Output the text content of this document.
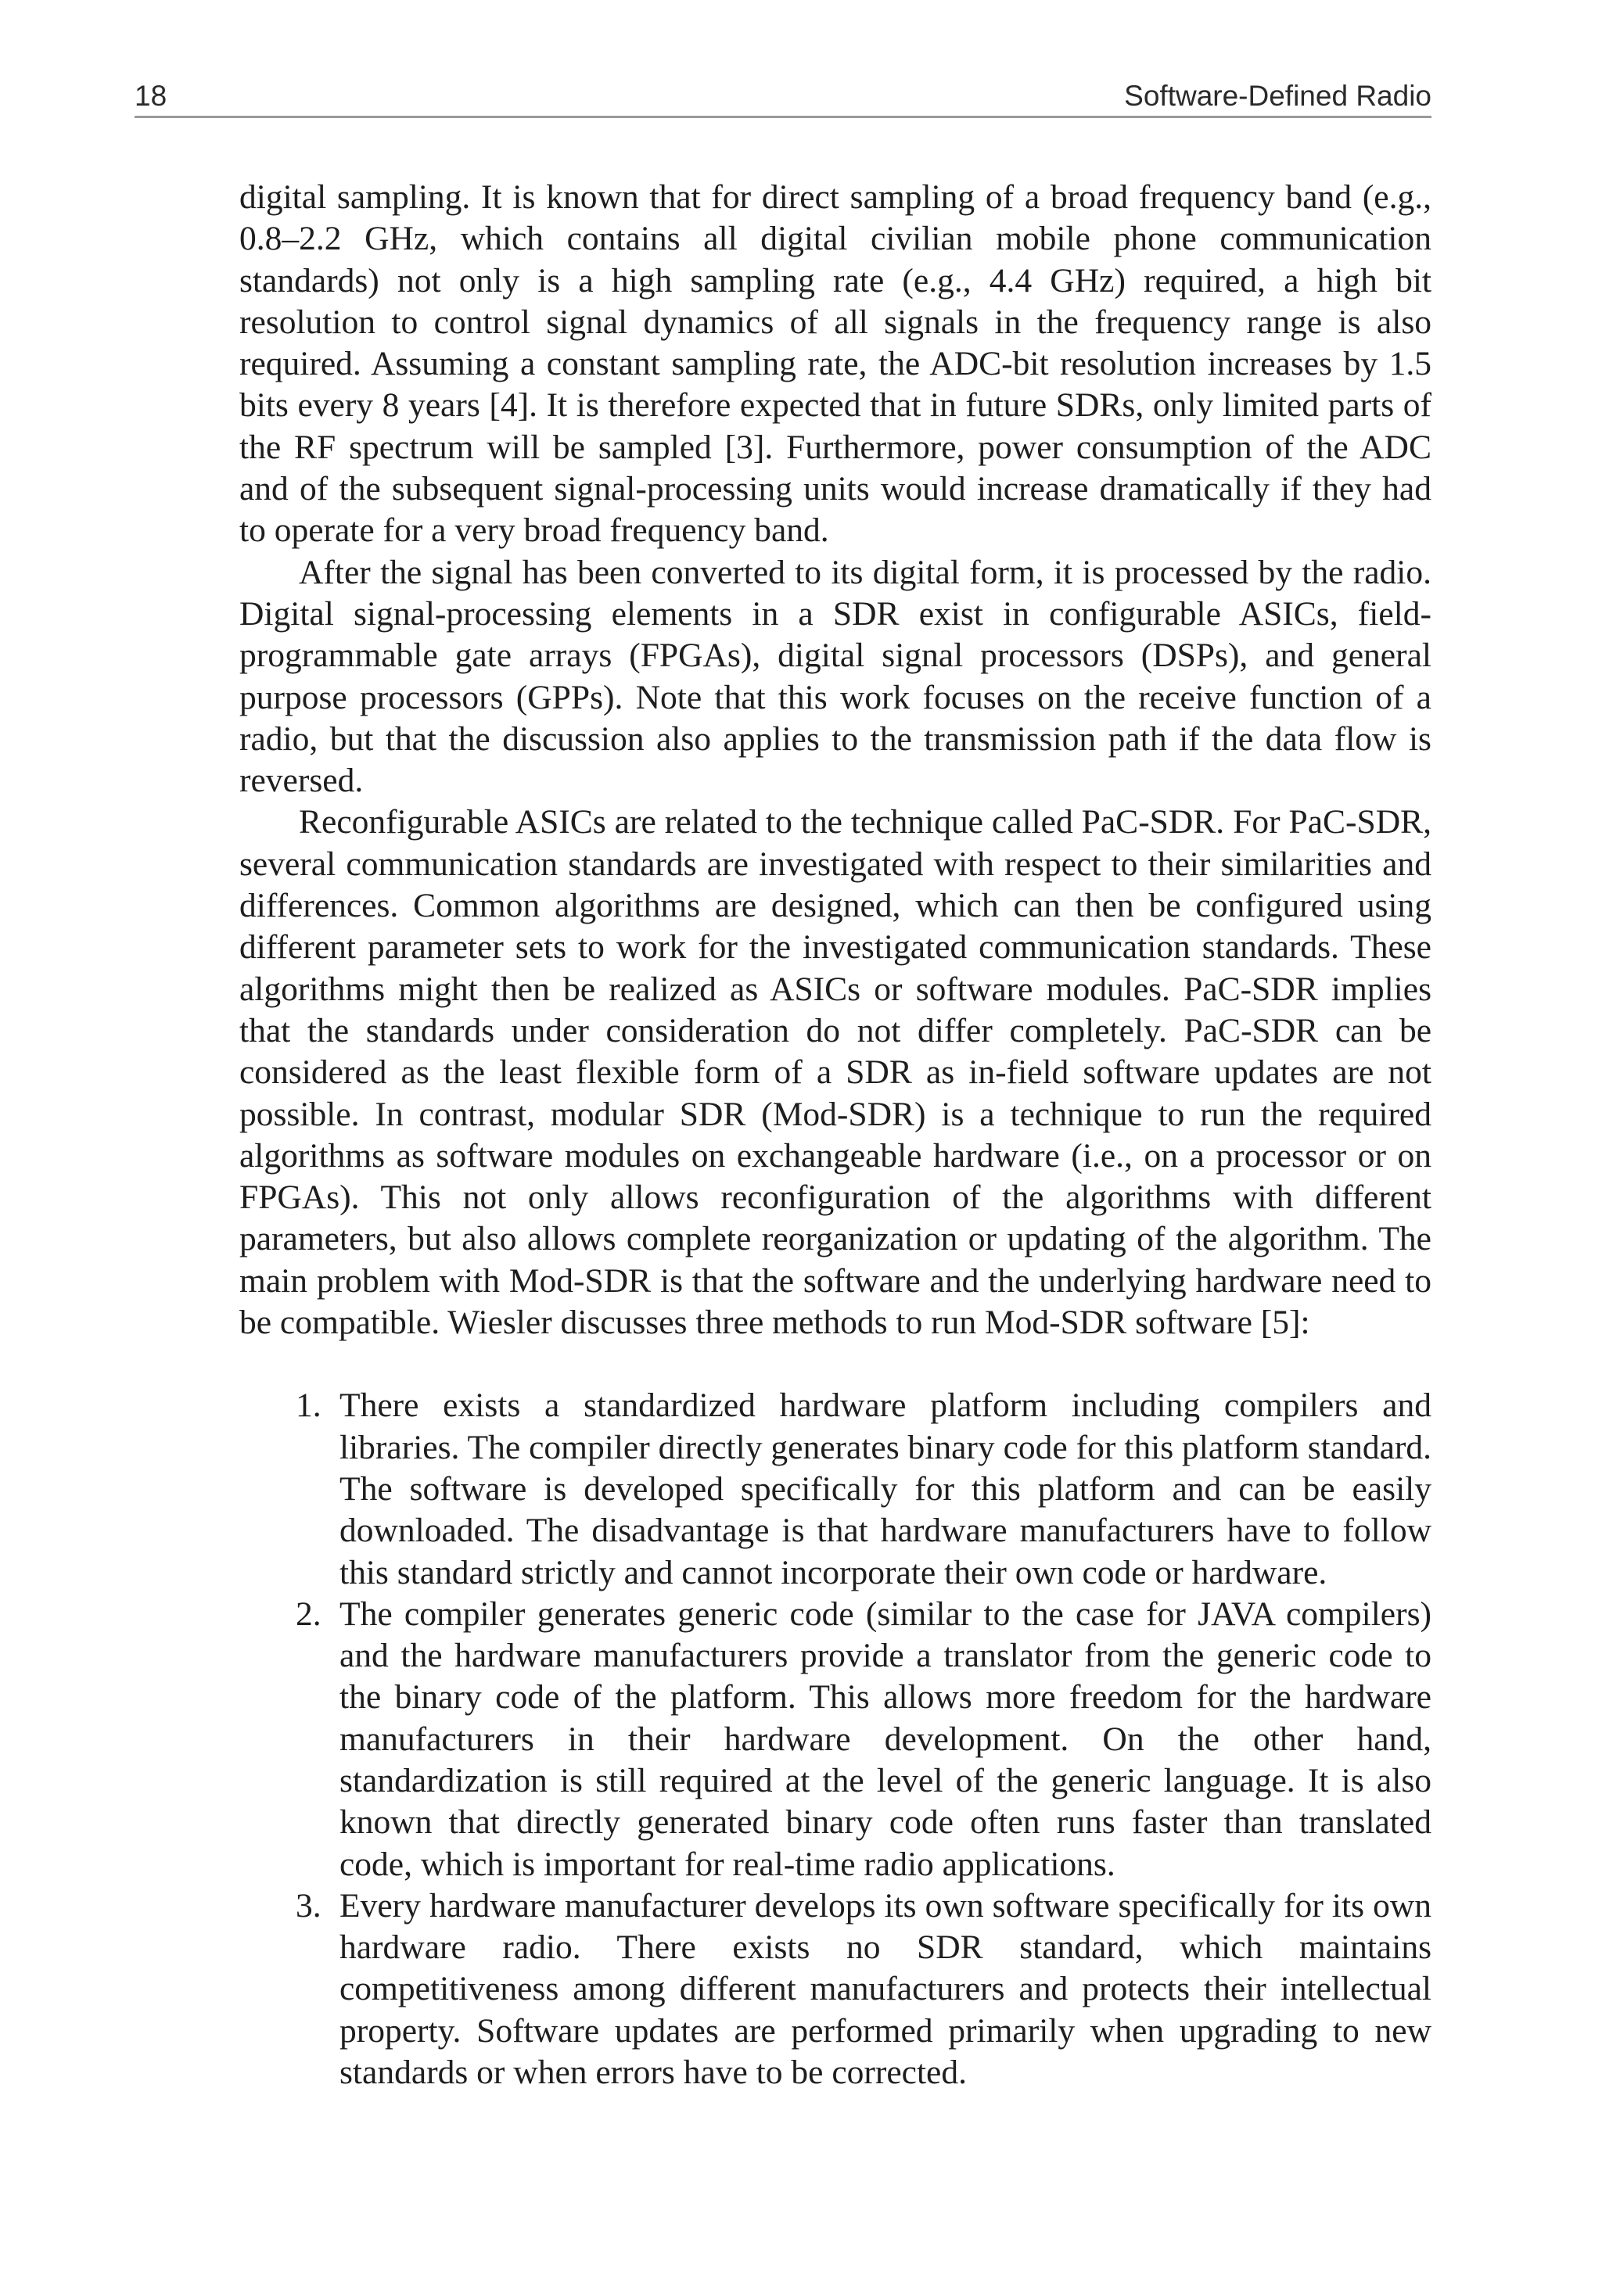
18	Software-Defined Radio

digital sampling. It is known that for direct sampling of a broad frequency band (e.g., 0.8–2.2 GHz, which contains all digital civilian mobile phone communication standards) not only is a high sampling rate (e.g., 4.4 GHz) required, a high bit resolution to control signal dynamics of all signals in the frequency range is also required. Assuming a constant sampling rate, the ADC-bit resolution increases by 1.5 bits every 8 years [4]. It is therefore expected that in future SDRs, only limited parts of the RF spectrum will be sampled [3]. Furthermore, power consumption of the ADC and of the subsequent signal-processing units would increase dramatically if they had to operate for a very broad frequency band.

After the signal has been converted to its digital form, it is processed by the radio. Digital signal-processing elements in a SDR exist in configurable ASICs, field-programmable gate arrays (FPGAs), digital signal processors (DSPs), and general purpose processors (GPPs). Note that this work focuses on the receive function of a radio, but that the discussion also applies to the transmission path if the data flow is reversed.

Reconfigurable ASICs are related to the technique called PaC-SDR. For PaC-SDR, several communication standards are investigated with respect to their similarities and differences. Common algorithms are designed, which can then be configured using different parameter sets to work for the investigated communication standards. These algorithms might then be realized as ASICs or software modules. PaC-SDR implies that the standards under consideration do not differ completely. PaC-SDR can be considered as the least flexible form of a SDR as in-field software updates are not possible. In contrast, modular SDR (Mod-SDR) is a technique to run the required algorithms as software modules on exchangeable hardware (i.e., on a processor or on FPGAs). This not only allows reconfiguration of the algorithms with different parameters, but also allows complete reorganization or updating of the algorithm. The main problem with Mod-SDR is that the software and the underlying hardware need to be compatible. Wiesler discusses three methods to run Mod-SDR software [5]:

1. There exists a standardized hardware platform including compilers and libraries. The compiler directly generates binary code for this platform standard. The software is developed specifically for this platform and can be easily downloaded. The disadvantage is that hardware manufacturers have to follow this standard strictly and cannot incorporate their own code or hardware.
2. The compiler generates generic code (similar to the case for JAVA compilers) and the hardware manufacturers provide a translator from the generic code to the binary code of the platform. This allows more freedom for the hardware manufacturers in their hardware development. On the other hand, standardization is still required at the level of the generic language. It is also known that directly generated binary code often runs faster than translated code, which is important for real-time radio applications.
3. Every hardware manufacturer develops its own software specifically for its own hardware radio. There exists no SDR standard, which maintains competitiveness among different manufacturers and protects their intellectual property. Software updates are performed primarily when upgrading to new standards or when errors have to be corrected.
